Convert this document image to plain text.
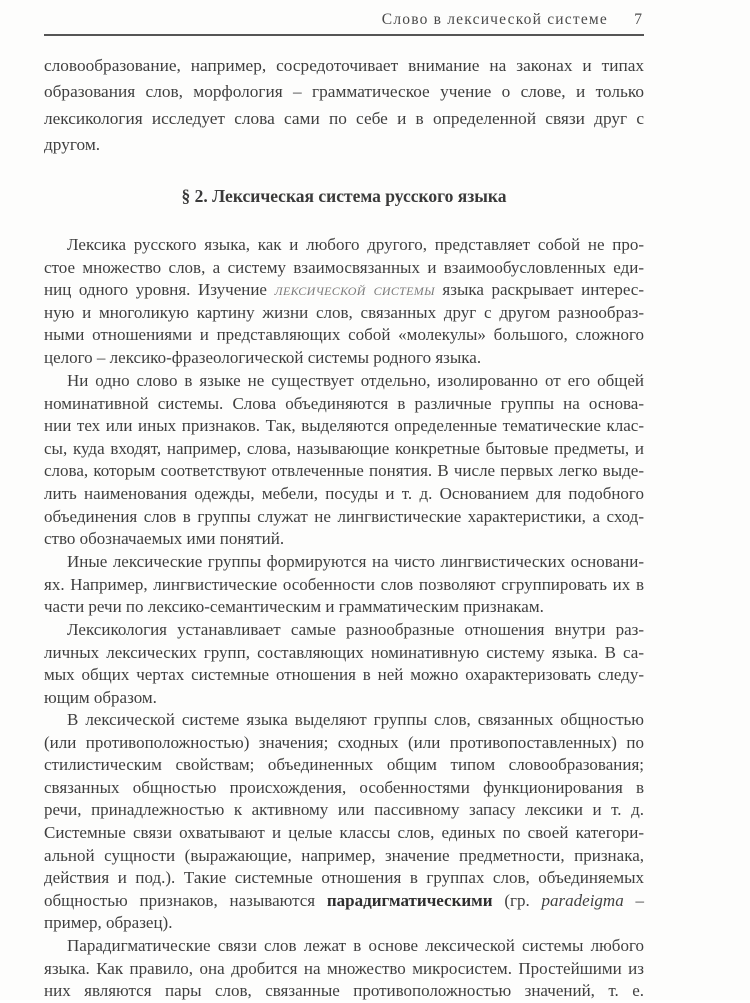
Слово в лексической системе 7
словообразование, например, сосредоточивает внимание на законах и типах
образования слов, морфология – грамматическое учение о слове, и только
лексикология исследует слова сами по себе и в определенной связи друг с
другом.
§ 2. Лексическая система русского языка
Лексика русского языка, как и любого другого, представляет собой не про-
стое множество слов, а систему взаимосвязанных и взаимообусловленных еди-
ниц одного уровня. Изучение лексической системы языка раскрывает интерес-
ную и многоликую картину жизни слов, связанных друг с другом разнообраз-
ными отношениями и представляющих собой «молекулы» большого, сложного
целого – лексико-фразеологической системы родного языка.
Ни одно слово в языке не существует отдельно, изолированно от его общей
номинативной системы. Слова объединяются в различные группы на основа-
нии тех или иных признаков. Так, выделяются определенные тематические клас-
сы, куда входят, например, слова, называющие конкретные бытовые предметы, и
слова, которым соответствуют отвлеченные понятия. В числе первых легко выде-
лить наименования одежды, мебели, посуды и т. д. Основанием для подобного
объединения слов в группы служат не лингвистические характеристики, а сход-
ство обозначаемых ими понятий.
Иные лексические группы формируются на чисто лингвистических основани-
ях. Например, лингвистические особенности слов позволяют сгруппировать их в
части речи по лексико-семантическим и грамматическим признакам.
Лексикология устанавливает самые разнообразные отношения внутри раз-
личных лексических групп, составляющих номинативную систему языка. В са-
мых общих чертах системные отношения в ней можно охарактеризовать следу-
ющим образом.
В лексической системе языка выделяют группы слов, связанных общностью
(или противоположностью) значения; сходных (или противопоставленных) по
стилистическим свойствам; объединенных общим типом словообразования;
связанных общностью происхождения, особенностями функционирования в
речи, принадлежностью к активному или пассивному запасу лексики и т. д.
Системные связи охватывают и целые классы слов, единых по своей категори-
альной сущности (выражающие, например, значение предметности, признака,
действия и под.). Такие системные отношения в группах слов, объединяемых
общностью признаков, называются парадигматическими (гр. paradeigma –
пример, образец).
Парадигматические связи слов лежат в основе лексической системы любого
языка. Как правило, она дробится на множество микросистем. Простейшими из
них являются пары слов, связанные противоположностью значений, т. е.
